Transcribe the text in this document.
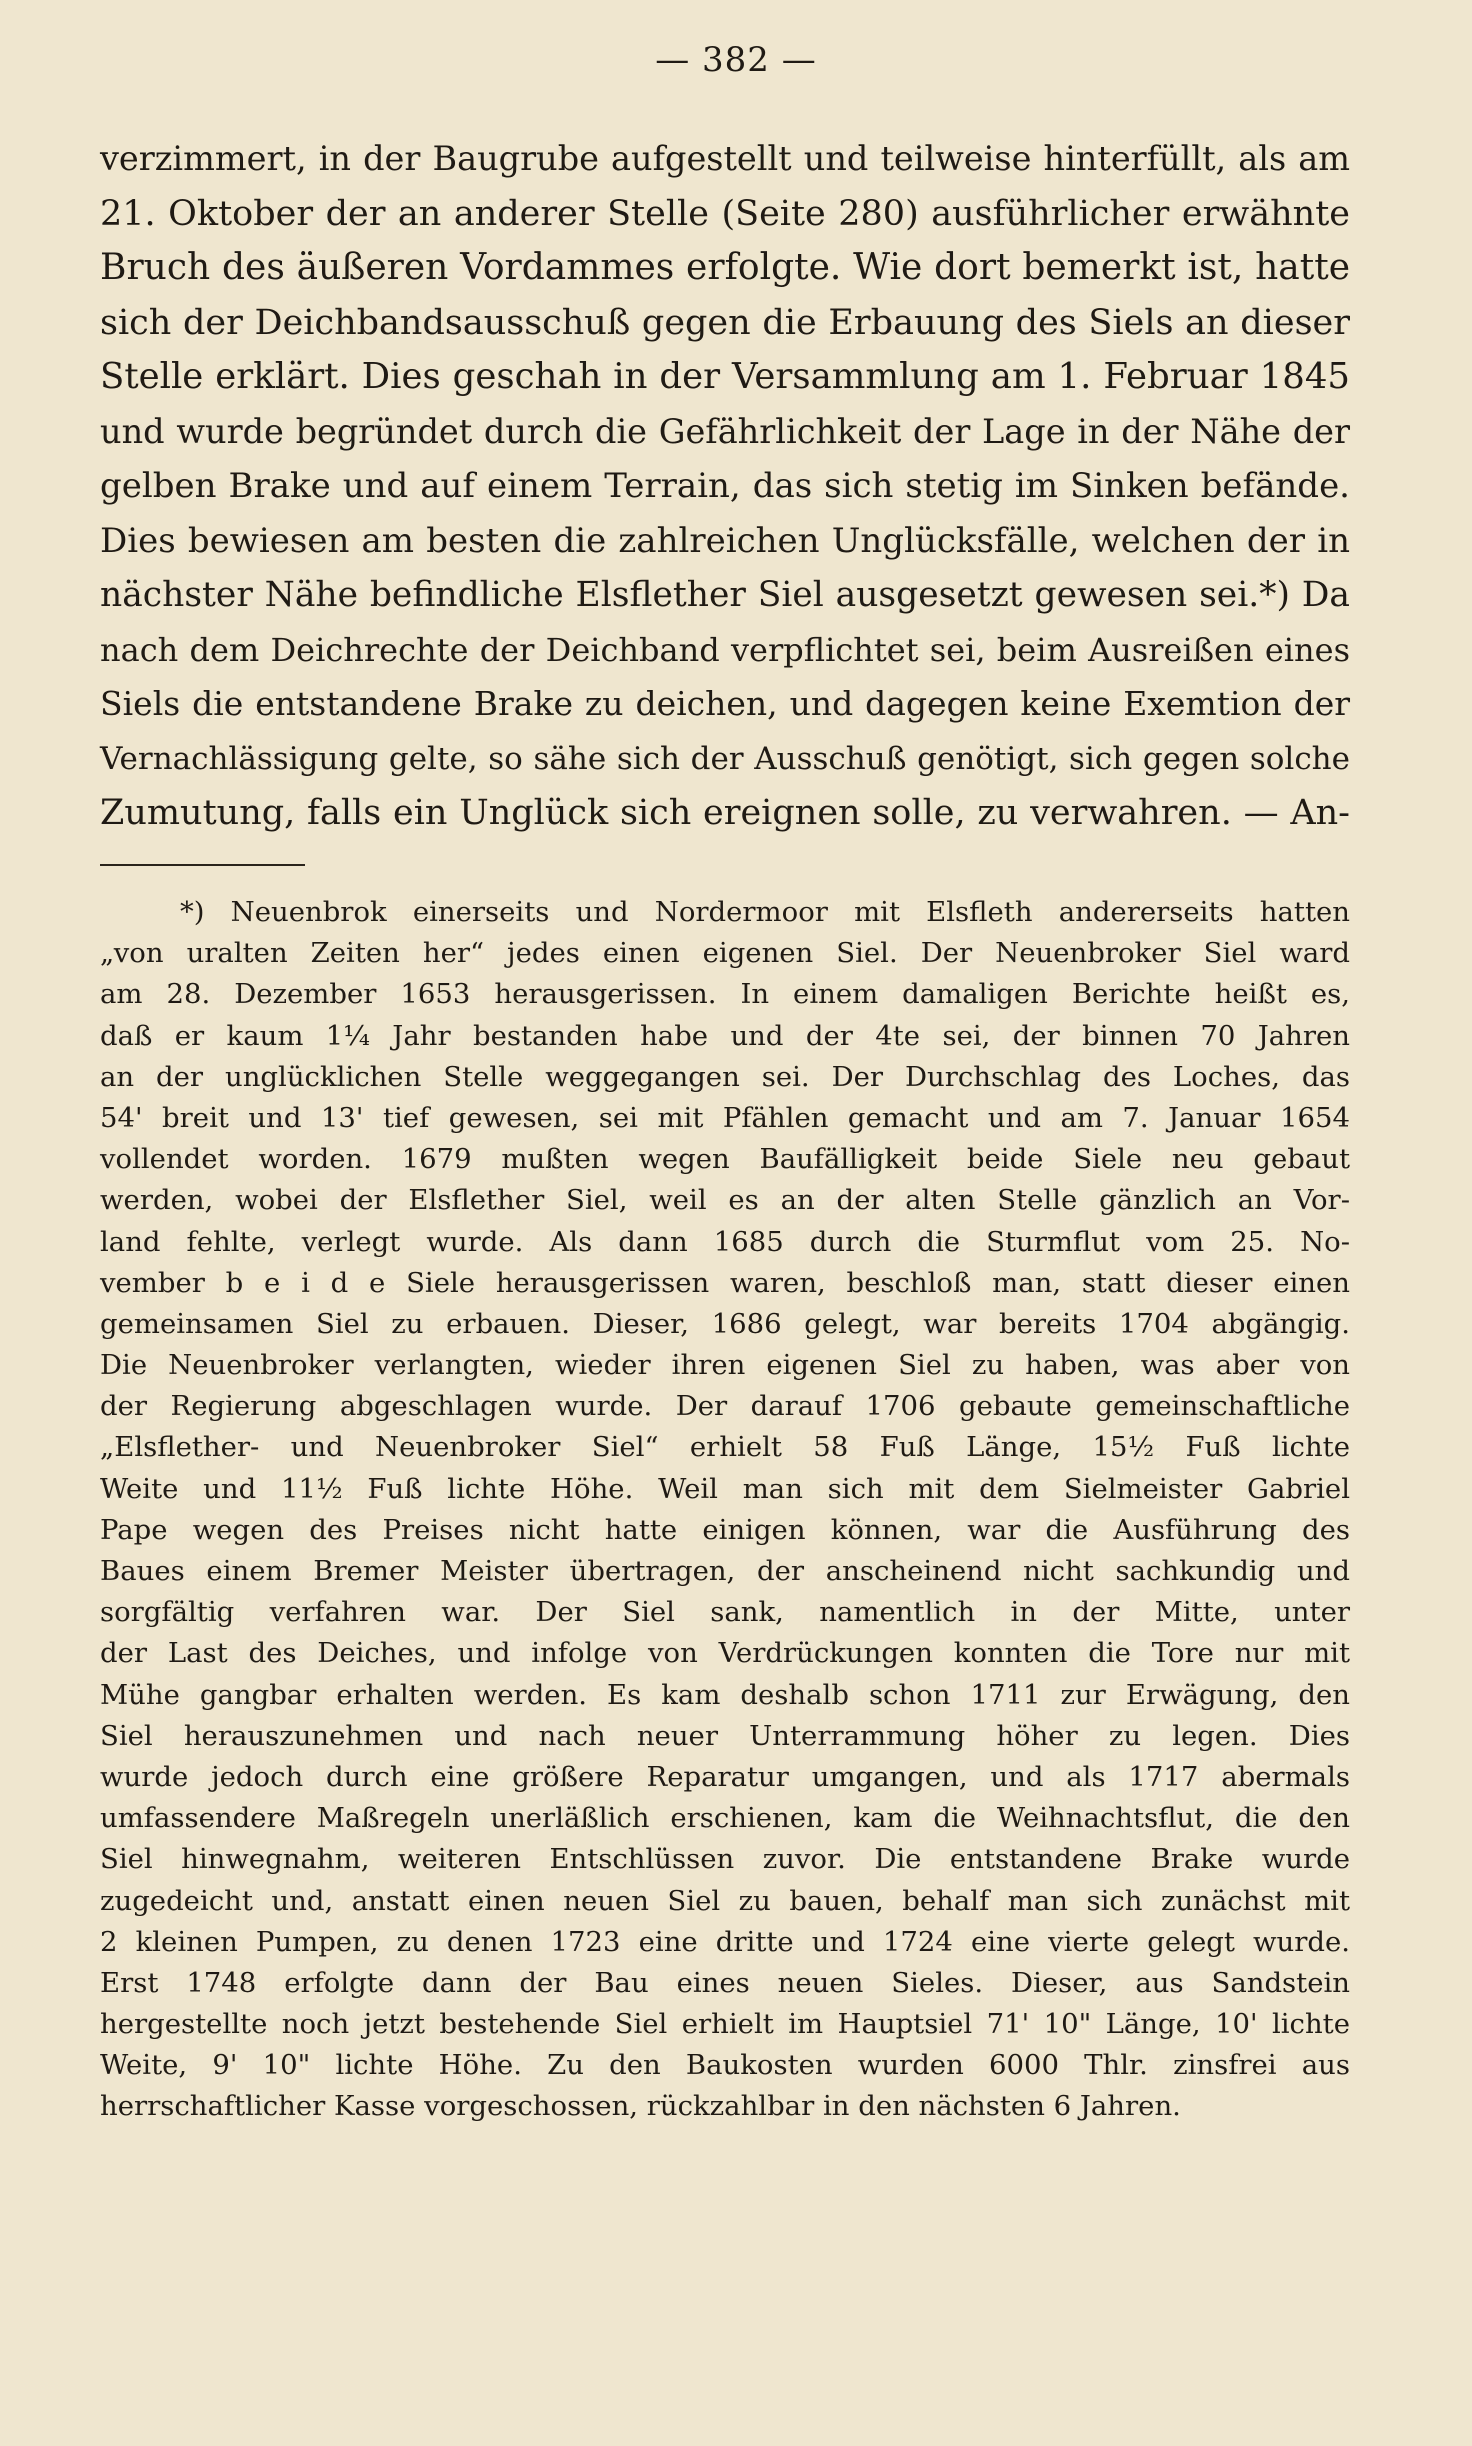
— 382 —
verzimmert, in der Baugrube aufgestellt und teilweise hinterfüllt, als am
21. Oktober der an anderer Stelle (Seite 280) ausführlicher erwähnte
Bruch des äußeren Vordammes erfolgte. Wie dort bemerkt ist, hatte
sich der Deichbandsausschuß gegen die Erbauung des Siels an dieser
Stelle erklärt. Dies geschah in der Versammlung am 1. Februar 1845
und wurde begründet durch die Gefährlichkeit der Lage in der Nähe der
gelben Brake und auf einem Terrain, das sich stetig im Sinken befände.
Dies bewiesen am besten die zahlreichen Unglücksfälle, welchen der in
nächster Nähe befindliche Elsflether Siel ausgesetzt gewesen sei.*) Da
nach dem Deichrechte der Deichband verpflichtet sei, beim Ausreißen eines
Siels die entstandene Brake zu deichen, und dagegen keine Exemtion der
Vernachlässigung gelte, so sähe sich der Ausschuß genötigt, sich gegen solche
Zumutung, falls ein Unglück sich ereignen solle, zu verwahren. — An-
*) Neuenbrok einerseits und Nordermoor mit Elsfleth andererseits hatten
„von uralten Zeiten her“ jedes einen eigenen Siel. Der Neuenbroker Siel ward
am 28. Dezember 1653 herausgerissen. In einem damaligen Berichte heißt es,
daß er kaum 1¼ Jahr bestanden habe und der 4te sei, der binnen 70 Jahren
an der unglücklichen Stelle weggegangen sei. Der Durchschlag des Loches, das
54' breit und 13' tief gewesen, sei mit Pfählen gemacht und am 7. Januar 1654
vollendet worden. 1679 mußten wegen Baufälligkeit beide Siele neu gebaut
werden, wobei der Elsflether Siel, weil es an der alten Stelle gänzlich an Vor-
land fehlte, verlegt wurde. Als dann 1685 durch die Sturmflut vom 25. No-
vember b e i d e Siele herausgerissen waren, beschloß man, statt dieser einen
gemeinsamen Siel zu erbauen. Dieser, 1686 gelegt, war bereits 1704 abgängig.
Die Neuenbroker verlangten, wieder ihren eigenen Siel zu haben, was aber von
der Regierung abgeschlagen wurde. Der darauf 1706 gebaute gemeinschaftliche
„Elsflether- und Neuenbroker Siel“ erhielt 58 Fuß Länge, 15½ Fuß lichte
Weite und 11½ Fuß lichte Höhe. Weil man sich mit dem Sielmeister Gabriel
Pape wegen des Preises nicht hatte einigen können, war die Ausführung des
Baues einem Bremer Meister übertragen, der anscheinend nicht sachkundig und
sorgfältig verfahren war. Der Siel sank, namentlich in der Mitte, unter
der Last des Deiches, und infolge von Verdrückungen konnten die Tore nur mit
Mühe gangbar erhalten werden. Es kam deshalb schon 1711 zur Erwägung, den
Siel herauszunehmen und nach neuer Unterrammung höher zu legen. Dies
wurde jedoch durch eine größere Reparatur umgangen, und als 1717 abermals
umfassendere Maßregeln unerläßlich erschienen, kam die Weihnachtsflut, die den
Siel hinwegnahm, weiteren Entschlüssen zuvor. Die entstandene Brake wurde
zugedeicht und, anstatt einen neuen Siel zu bauen, behalf man sich zunächst mit
2 kleinen Pumpen, zu denen 1723 eine dritte und 1724 eine vierte gelegt wurde.
Erst 1748 erfolgte dann der Bau eines neuen Sieles. Dieser, aus Sandstein
hergestellte noch jetzt bestehende Siel erhielt im Hauptsiel 71' 10" Länge, 10' lichte
Weite, 9' 10" lichte Höhe. Zu den Baukosten wurden 6000 Thlr. zinsfrei aus
herrschaftlicher Kasse vorgeschossen, rückzahlbar in den nächsten 6 Jahren.
